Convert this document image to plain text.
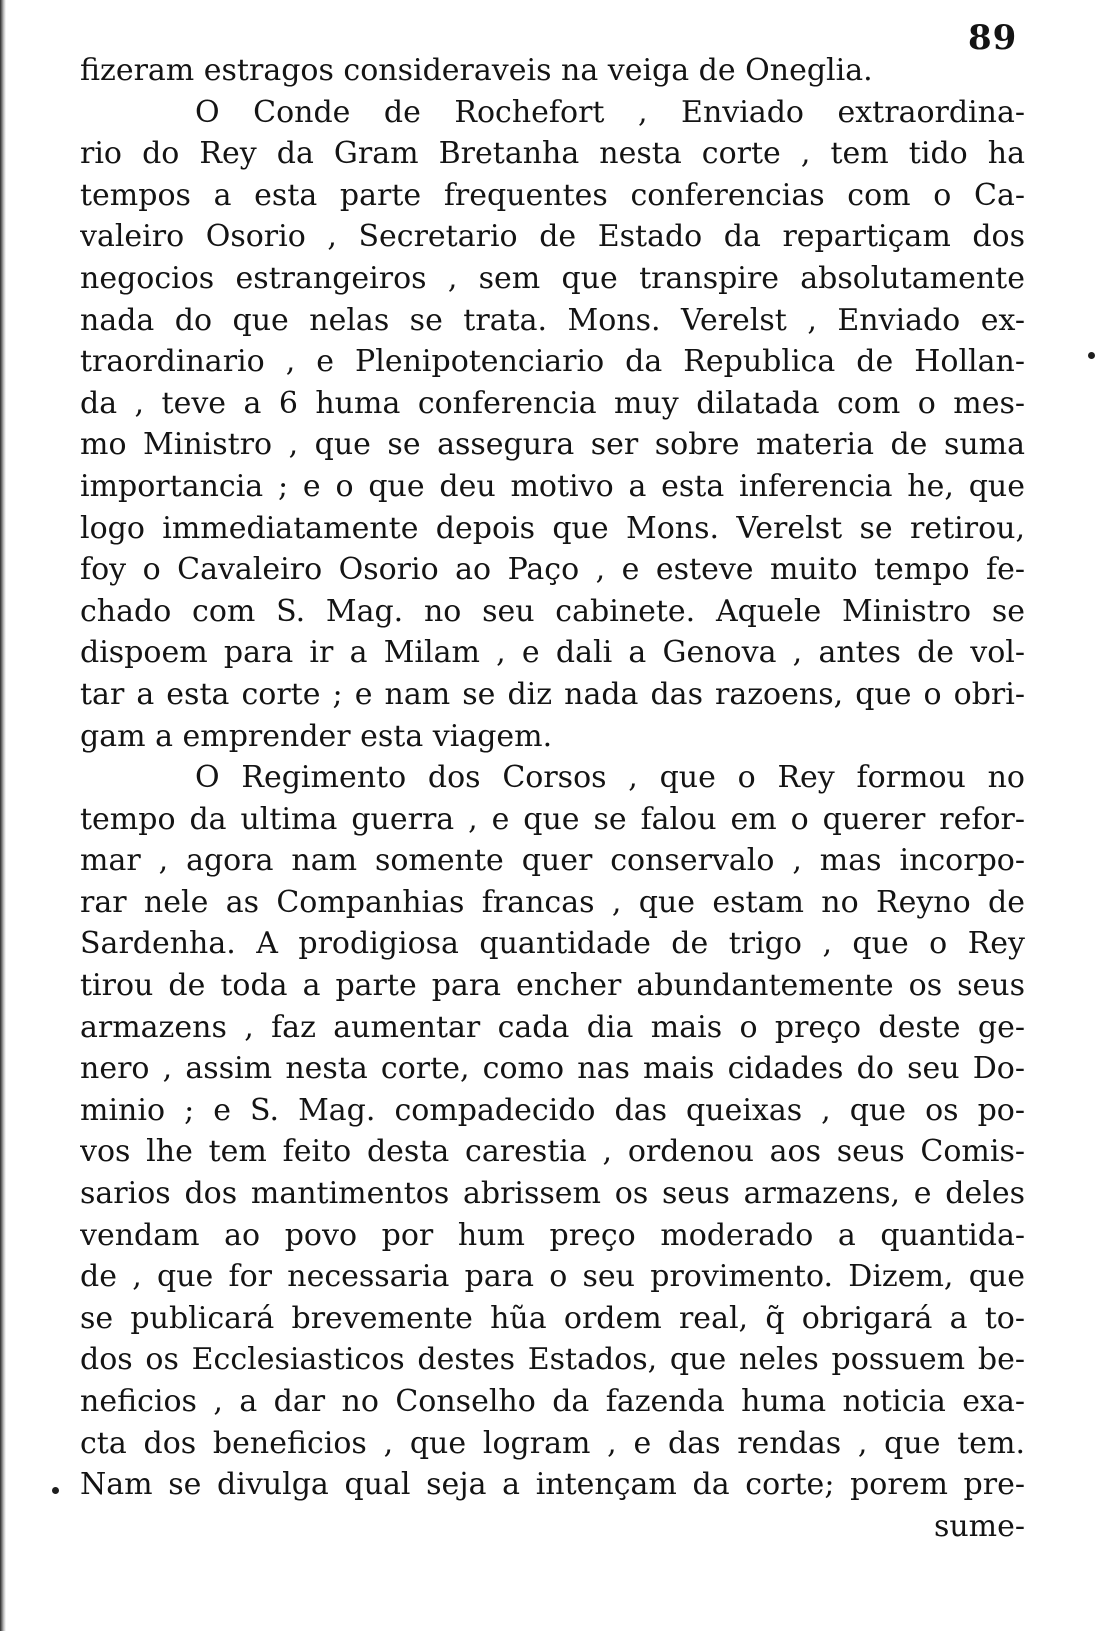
89
fizeram estragos consideraveis na veiga de Oneglia.
O Conde de Rochefort , Enviado extraordina-
rio do Rey da Gram Bretanha nesta corte , tem tido ha
tempos a esta parte frequentes conferencias com o Ca-
valeiro Osorio , Secretario de Estado da repartiçam dos
negocios estrangeiros , sem que transpire absolutamente
nada do que nelas se trata. Mons. Verelst , Enviado ex-
traordinario , e Plenipotenciario da Republica de Hollan-
da , teve a 6 huma conferencia muy dilatada com o mes-
mo Ministro , que se assegura ser sobre materia de suma
importancia ; e o que deu motivo a esta inferencia he, que
logo immediatamente depois que Mons. Verelst se retirou,
foy o Cavaleiro Osorio ao Paço , e esteve muito tempo fe-
chado com S. Mag. no seu cabinete. Aquele Ministro se
dispoem para ir a Milam , e dali a Genova , antes de vol-
tar a esta corte ; e nam se diz nada das razoens, que o obri-
gam a emprender esta viagem.
O Regimento dos Corsos , que o Rey formou no
tempo da ultima guerra , e que se falou em o querer refor-
mar , agora nam somente quer conservalo , mas incorpo-
rar nele as Companhias francas , que estam no Reyno de
Sardenha. A prodigiosa quantidade de trigo , que o Rey
tirou de toda a parte para encher abundantemente os seus
armazens , faz aumentar cada dia mais o preço deste ge-
nero , assim nesta corte, como nas mais cidades do seu Do-
minio ; e S. Mag. compadecido das queixas , que os po-
vos lhe tem feito desta carestia , ordenou aos seus Comis-
sarios dos mantimentos abrissem os seus armazens, e deles
vendam ao povo por hum preço moderado a quantida-
de , que for necessaria para o seu provimento. Dizem, que
se publicará brevemente hũa ordem real, q̃ obrigará a to-
dos os Ecclesiasticos destes Estados, que neles possuem be-
neficios , a dar no Conselho da fazenda huma noticia exa-
cta dos beneficios , que logram , e das rendas , que tem.
Nam se divulga qual seja a intençam da corte; porem pre-
sume-
